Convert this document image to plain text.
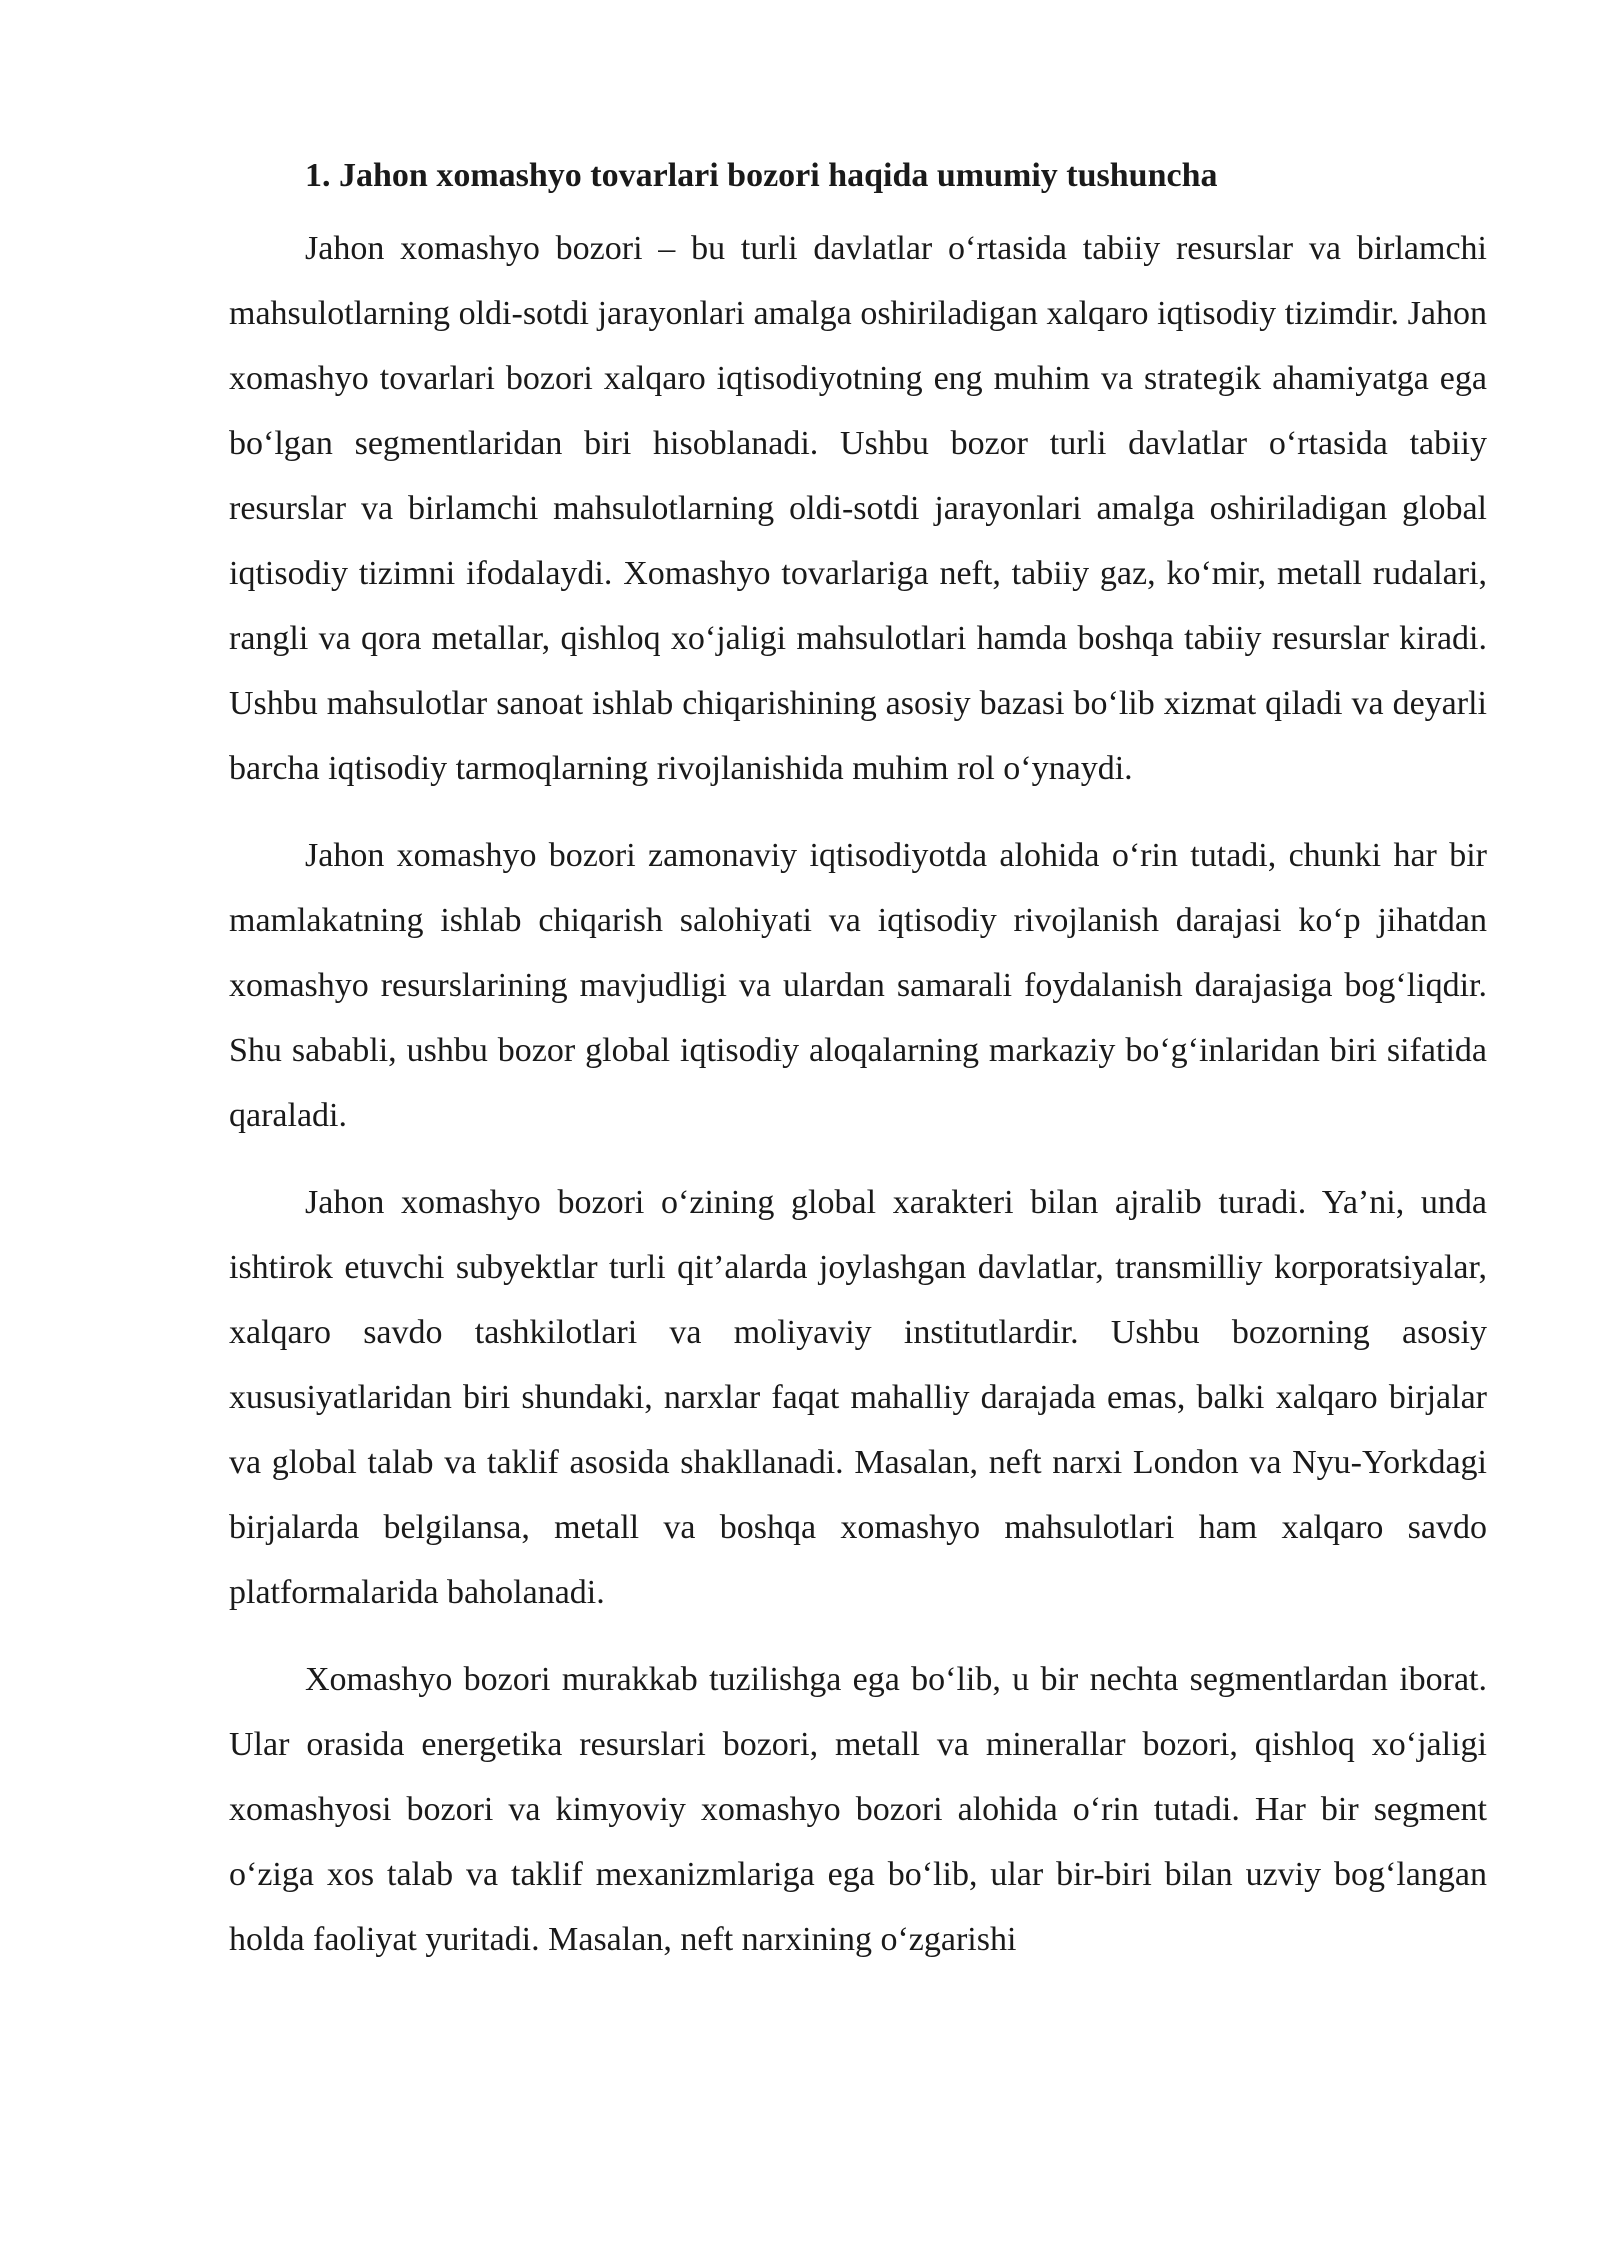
1. Jahon xomashyo tovarlari bozori haqida umumiy tushuncha

Jahon xomashyo bozori – bu turli davlatlar o‘rtasida tabiiy resurslar va birlamchi mahsulotlarning oldi-sotdi jarayonlari amalga oshiriladigan xalqaro iqtisodiy tizimdir. Jahon xomashyo tovarlari bozori xalqaro iqtisodiyotning eng muhim va strategik ahamiyatga ega bo‘lgan segmentlaridan biri hisoblanadi. Ushbu bozor turli davlatlar o‘rtasida tabiiy resurslar va birlamchi mahsulotlarning oldi-sotdi jarayonlari amalga oshiriladigan global iqtisodiy tizimni ifodalaydi. Xomashyo tovarlariga neft, tabiiy gaz, ko‘mir, metall rudalari, rangli va qora metallar, qishloq xo‘jaligi mahsulotlari hamda boshqa tabiiy resurslar kiradi. Ushbu mahsulotlar sanoat ishlab chiqarishining asosiy bazasi bo‘lib xizmat qiladi va deyarli barcha iqtisodiy tarmoqlarning rivojlanishida muhim rol o‘ynaydi.

Jahon xomashyo bozori zamonaviy iqtisodiyotda alohida o‘rin tutadi, chunki har bir mamlakatning ishlab chiqarish salohiyati va iqtisodiy rivojlanish darajasi ko‘p jihatdan xomashyo resurslarining mavjudligi va ulardan samarali foydalanish darajasiga bog‘liqdir. Shu sababli, ushbu bozor global iqtisodiy aloqalarning markaziy bo‘g‘inlaridan biri sifatida qaraladi.

Jahon xomashyo bozori o‘zining global xarakteri bilan ajralib turadi. Ya’ni, unda ishtirok etuvchi subyektlar turli qit’alarda joylashgan davlatlar, transmilliy korporatsiyalar, xalqaro savdo tashkilotlari va moliyaviy institutlardir. Ushbu bozorning asosiy xususiyatlaridan biri shundaki, narxlar faqat mahalliy darajada emas, balki xalqaro birjalar va global talab va taklif asosida shakllanadi. Masalan, neft narxi London va Nyu-Yorkdagi birjalarda belgilansa, metall va boshqa xomashyo mahsulotlari ham xalqaro savdo platformalarida baholanadi.

Xomashyo bozori murakkab tuzilishga ega bo‘lib, u bir nechta segmentlardan iborat. Ular orasida energetika resurslari bozori, metall va minerallar bozori, qishloq xo‘jaligi xomashyosi bozori va kimyoviy xomashyo bozori alohida o‘rin tutadi. Har bir segment o‘ziga xos talab va taklif mexanizmlariga ega bo‘lib, ular bir-biri bilan uzviy bog‘langan holda faoliyat yuritadi. Masalan, neft narxining o‘zgarishi
